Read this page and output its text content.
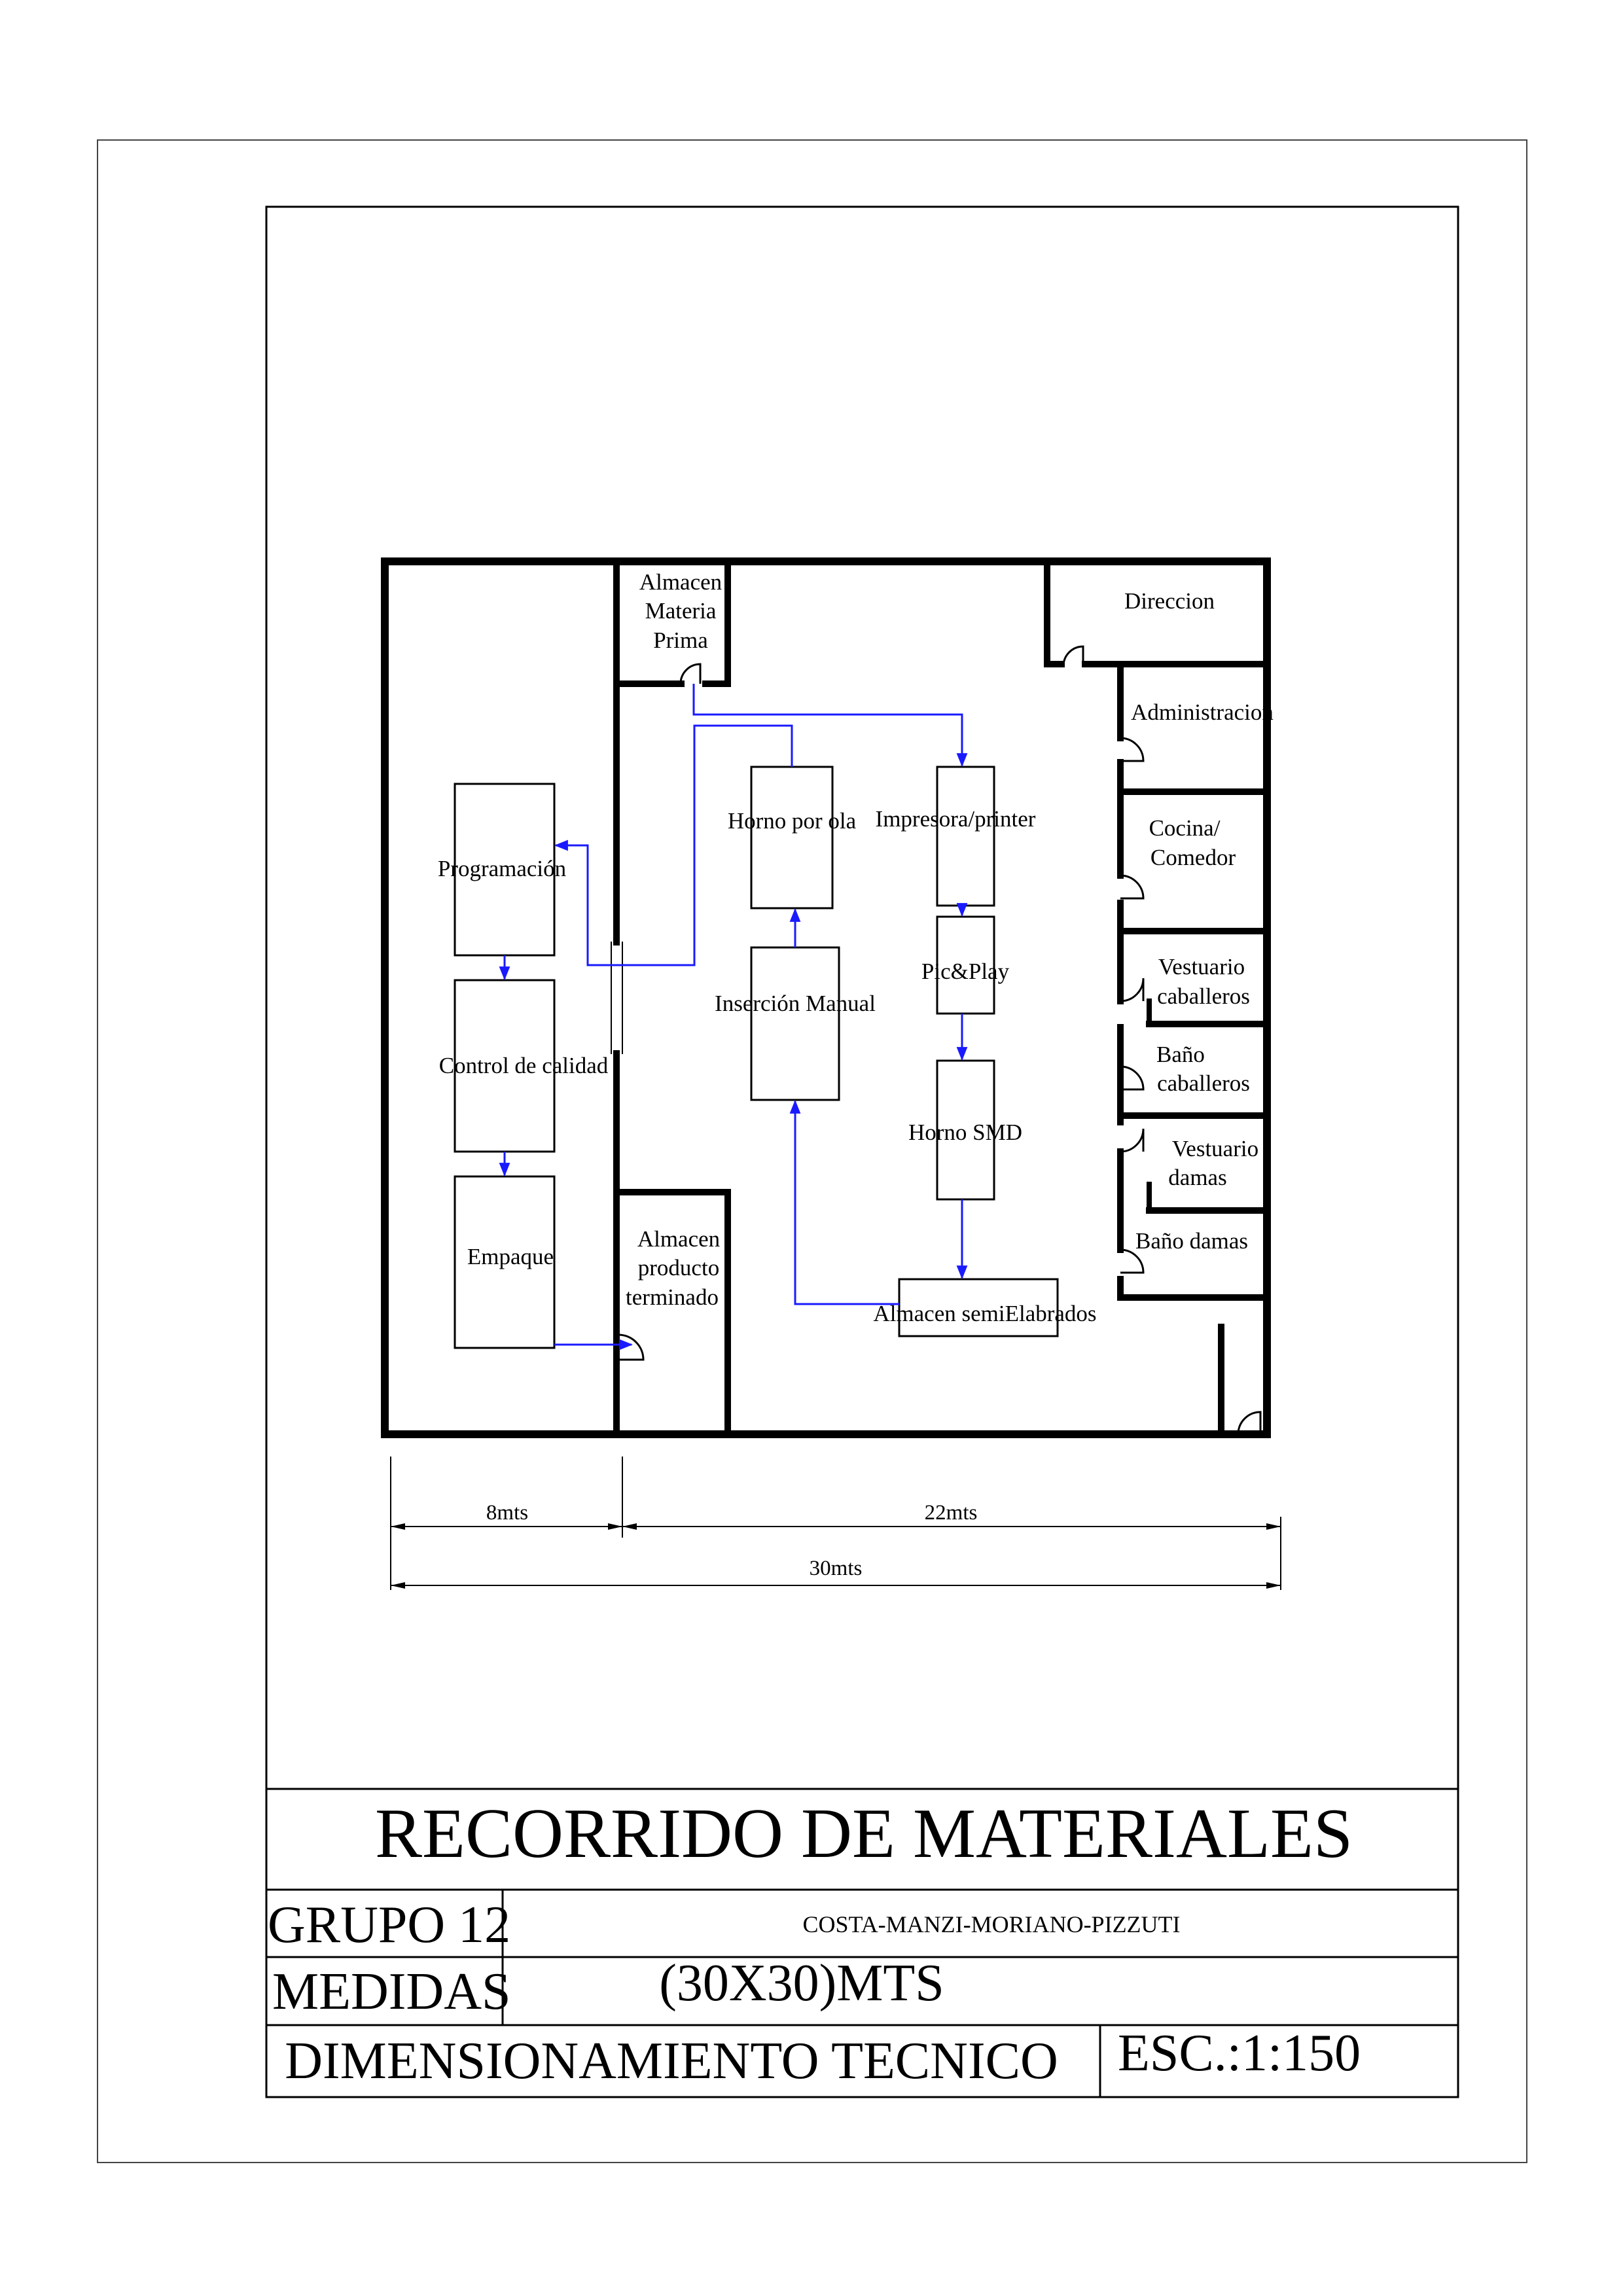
Almacen
Materia
Prima
Direccion
Administracion
Cocina/
Comedor
Vestuario
caballeros
Baño
caballeros
Vestuario
damas
Baño damas
Almacen
producto
terminado
Programación
Control de calidad
Empaque
Horno por ola Impresora/printer
Inserción Manual
Pic&Play
Horno SMD
Almacen semiElabrados
8mts	22mts
30mts
RECORRIDO DE MATERIALES
GRUPO 12	COSTA-MANZI-MORIANO-PIZZUTI
MEDIDAS	(30X30)MTS
DIMENSIONAMIENTO TECNICO ESC.:1:150
